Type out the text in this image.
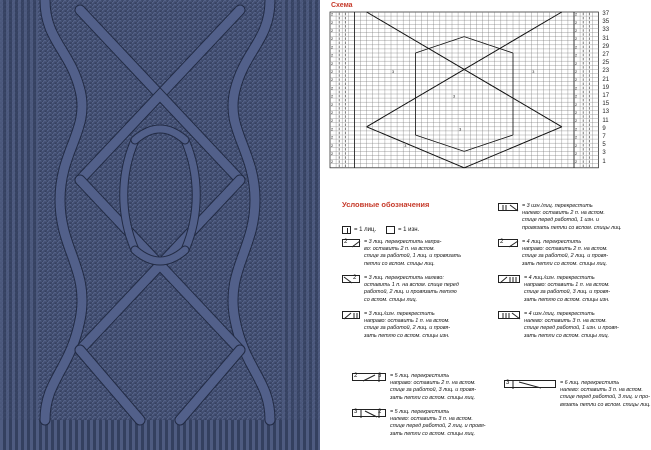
Схема
2	2
2	2
2	2
2	2
2	2
2	2
2	2
2	2
2	2
2	2
2	2
2	2
2	2
2	2
2	2
2	2
2	2
2	2
2	2
3	3
3
3
3
37
35
33
31
29
27
25
23
21
19
17
15
13
11
9
7
5
3
1
Условные обозначения
= 1 лиц.	= 1 изн.
2	= 3 лиц. перекрестить напра-
во: оставить 2 п. на вспом.
спице за работой, 1 лиц. и провязать
петли со вспом. спицы лиц.
2 = 3 лиц. перекрестить налево:
оставить 1 п. на вспом. спице перед
работой, 2 лиц. и провязать петлю
со вспом. спицы лиц.
= 3 лиц./изн. перекрестить
направо: оставить 1 п. на вспом.
спице за работой, 2 лиц. и провя-
зать петлю со вспом. спицы изн.
= 3 изн./лиц. перекрестить
налево: оставить 2 п. на вспом.
спице перед работой, 1 изн. и
провязать петли со вспом. спицы лиц.
2	= 4 лиц. перекрестить
направо: оставить 2 п. на вспом.
спице за работой, 2 лиц. и провя-
зать петли со вспом. спицы лиц.
= 4 лиц./изн. перекрестить
направо: оставить 1 п. на вспом.
спице за работой, 3 лиц. и провя-
зать петлю со вспом. спицы изн.
= 4 изн./лиц. перекрестить
налево: оставить 3 п. на вспом.
спице перед работой, 1 изн. и провя-
зать петли со вспом. спицы лиц.
2	3 = 5 лиц. перекрестить
направо: оставить 2 п. на вспом.
спице за работой, 3 лиц. и провя-
зать петли со вспом. спицы лиц.
3	2 = 5 лиц. перекрестить
налево: оставить 3 п. на вспом.
спице перед работой, 2 лиц. и провя-
зать петли со вспом. спицы лиц.
3	= 6 лиц. перекрестить
налево: оставить 3 п. на вспом.
спице перед работой, 3 лиц. и про-
вязать петли со вспом. спицы лиц.
